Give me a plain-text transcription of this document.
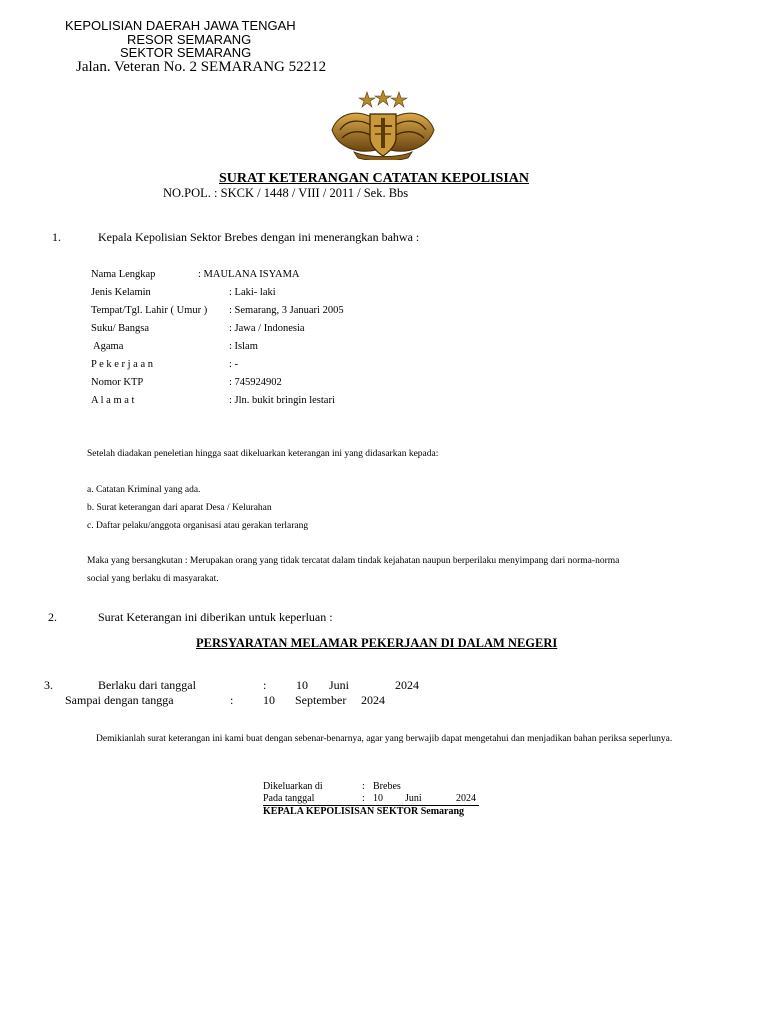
KEPOLISIAN DAERAH JAWA TENGAH
RESOR SEMARANG
SEKTOR SEMARANG
Jalan. Veteran No. 2 SEMARANG 52212
SURAT KETERANGAN CATATAN KEPOLISIAN
NO.POL. : SKCK / 1448 / VIII / 2011 / Sek. Bbs
1.	Kepala Kepolisian Sektor Brebes dengan ini menerangkan bahwa :
Nama Lengkap	: MAULANA ISYAMA
Jenis Kelamin	: Laki- laki
Tempat/Tgl. Lahir ( Umur ) : Semarang, 3 Januari 2005
Suku/ Bangsa	: Jawa / Indonesia
Agama	: Islam
P e k e r j a a n	: -
Nomor KTP	: 745924902
A l a m a t	: Jln. bukit bringin lestari
Setelah diadakan peneletian hingga saat dikeluarkan keterangan ini yang didasarkan kepada:
a. Catatan Kriminal yang ada.
b. Surat keterangan dari aparat Desa / Kelurahan
c. Daftar pelaku/anggota organisasi atau gerakan terlarang
Maka yang bersangkutan : Merupakan orang yang tidak tercatat dalam tindak kejahatan naupun berperilaku menyimpang dari norma-norma
social yang berlaku di masyarakat.
2.	Surat Keterangan ini diberikan untuk keperluan :
PERSYARATAN MELAMAR PEKERJAAN DI DALAM NEGERI
3.	Berlaku dari tanggal	: 10 Juni	2024
Sampai dengan tangga	: 10 September 2024
Demikianlah surat keterangan ini kami buat dengan sebenar-benarnya, agar yang berwajib dapat mengetahui dan menjadikan bahan periksa seperlunya.
Dikeluarkan di	: Brebes
Pada tanggal	: 10 Juni	2024
KEPALA KEPOLISISAN SEKTOR Semarang
